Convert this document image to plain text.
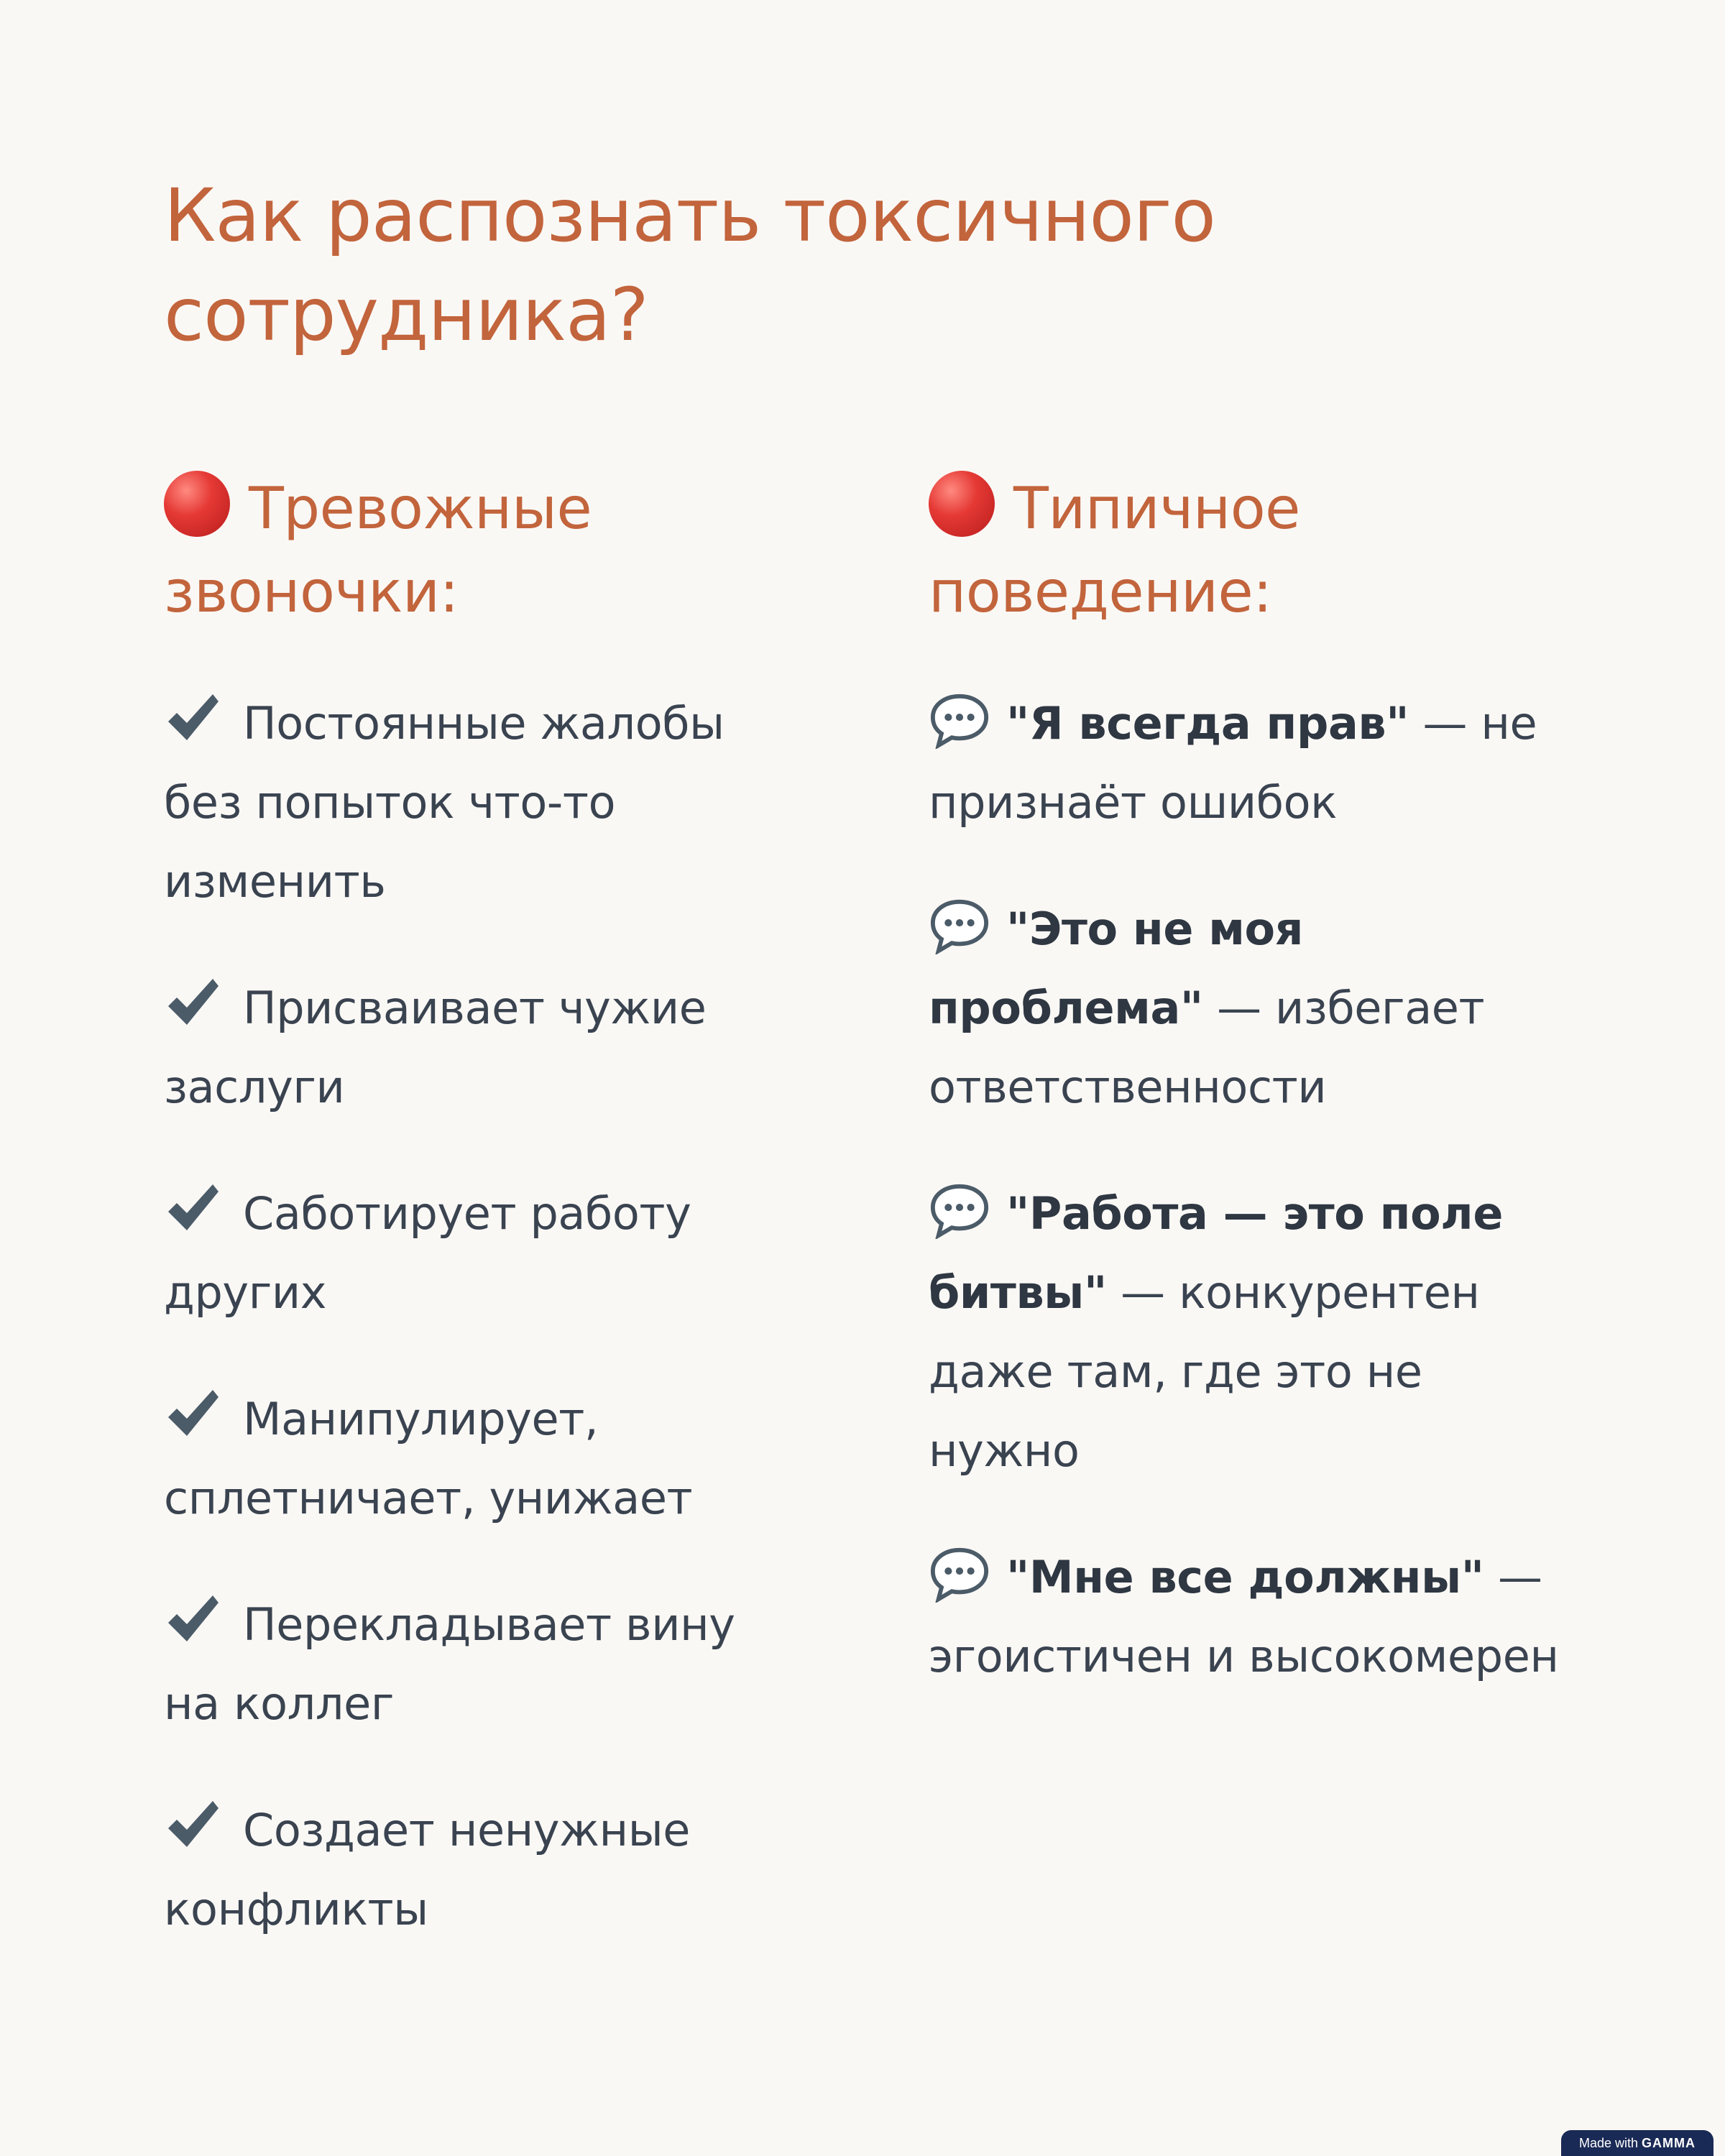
Как распознать токсичного сотрудника?
Тревожные звоночки:

Постоянные жалобы без попыток что-то изменить

Присваивает чужие заслуги

Саботирует работу других

Манипулирует, сплетничает, унижает

Перекладывает вину на коллег

Создает ненужные конфликты

Типичное поведение:

"Я всегда прав" — не признаёт ошибок

"Это не моя проблема" — избегает ответственности

"Работа — это поле битвы" — конкурентен даже там, где это не нужно

"Мне все должны" — эгоистичен и высокомерен

Made with GAMMA
